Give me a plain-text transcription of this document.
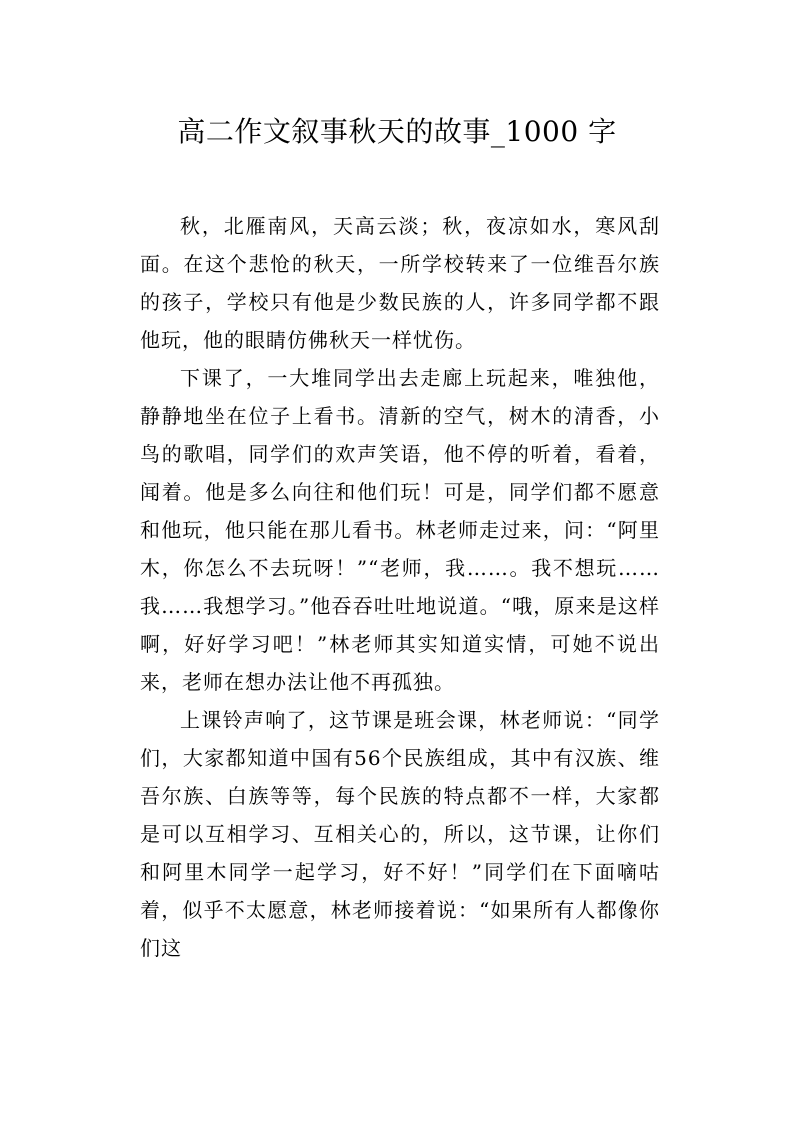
高二作文叙事秋天的故事_1000 字

秋，北雁南风，天高云淡；秋，夜凉如水，寒风刮面。在这个悲怆的秋天，一所学校转来了一位维吾尔族的孩子，学校只有他是少数民族的人，许多同学都不跟他玩，他的眼睛仿佛秋天一样忧伤。

下课了，一大堆同学出去走廊上玩起来，唯独他，静静地坐在位子上看书。清新的空气，树木的清香，小鸟的歌唱，同学们的欢声笑语，他不停的听着，看着，闻着。他是多么向往和他们玩！可是，同学们都不愿意和他玩，他只能在那儿看书。林老师走过来，问：“阿里木，你怎么不去玩呀！”“老师，我……。我不想玩……我……我想学习。”他吞吞吐吐地说道。“哦，原来是这样啊，好好学习吧！”林老师其实知道实情，可她不说出来，老师在想办法让他不再孤独。

上课铃声响了，这节课是班会课，林老师说：“同学们，大家都知道中国有56个民族组成，其中有汉族、维吾尔族、白族等等，每个民族的特点都不一样，大家都是可以互相学习、互相关心的，所以，这节课，让你们和阿里木同学一起学习，好不好！”同学们在下面嘀咕着，似乎不太愿意，林老师接着说：“如果所有人都像你们这
